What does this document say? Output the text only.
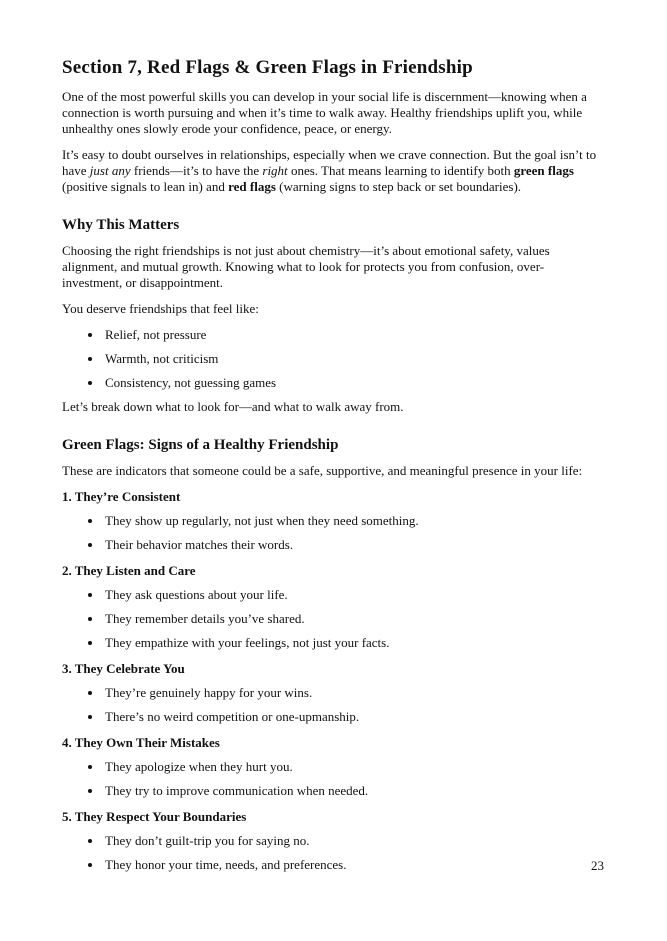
Section 7, Red Flags & Green Flags in Friendship

One of the most powerful skills you can develop in your social life is discernment—knowing when a connection is worth pursuing and when it’s time to walk away. Healthy friendships uplift you, while unhealthy ones slowly erode your confidence, peace, or energy.

It’s easy to doubt ourselves in relationships, especially when we crave connection. But the goal isn’t to have just any friends—it’s to have the right ones. That means learning to identify both green flags (positive signals to lean in) and red flags (warning signs to step back or set boundaries).

Why This Matters

Choosing the right friendships is not just about chemistry—it’s about emotional safety, values alignment, and mutual growth. Knowing what to look for protects you from confusion, over-investment, or disappointment.

You deserve friendships that feel like:

• Relief, not pressure
• Warmth, not criticism
• Consistency, not guessing games

Let’s break down what to look for—and what to walk away from.

Green Flags: Signs of a Healthy Friendship

These are indicators that someone could be a safe, supportive, and meaningful presence in your life:

1. They’re Consistent

• They show up regularly, not just when they need something.
• Their behavior matches their words.

2. They Listen and Care

• They ask questions about your life.
• They remember details you’ve shared.
• They empathize with your feelings, not just your facts.

3. They Celebrate You

• They’re genuinely happy for your wins.
• There’s no weird competition or one-upmanship.

4. They Own Their Mistakes

• They apologize when they hurt you.
• They try to improve communication when needed.

5. They Respect Your Boundaries

• They don’t guilt-trip you for saying no.
• They honor your time, needs, and preferences.	23
